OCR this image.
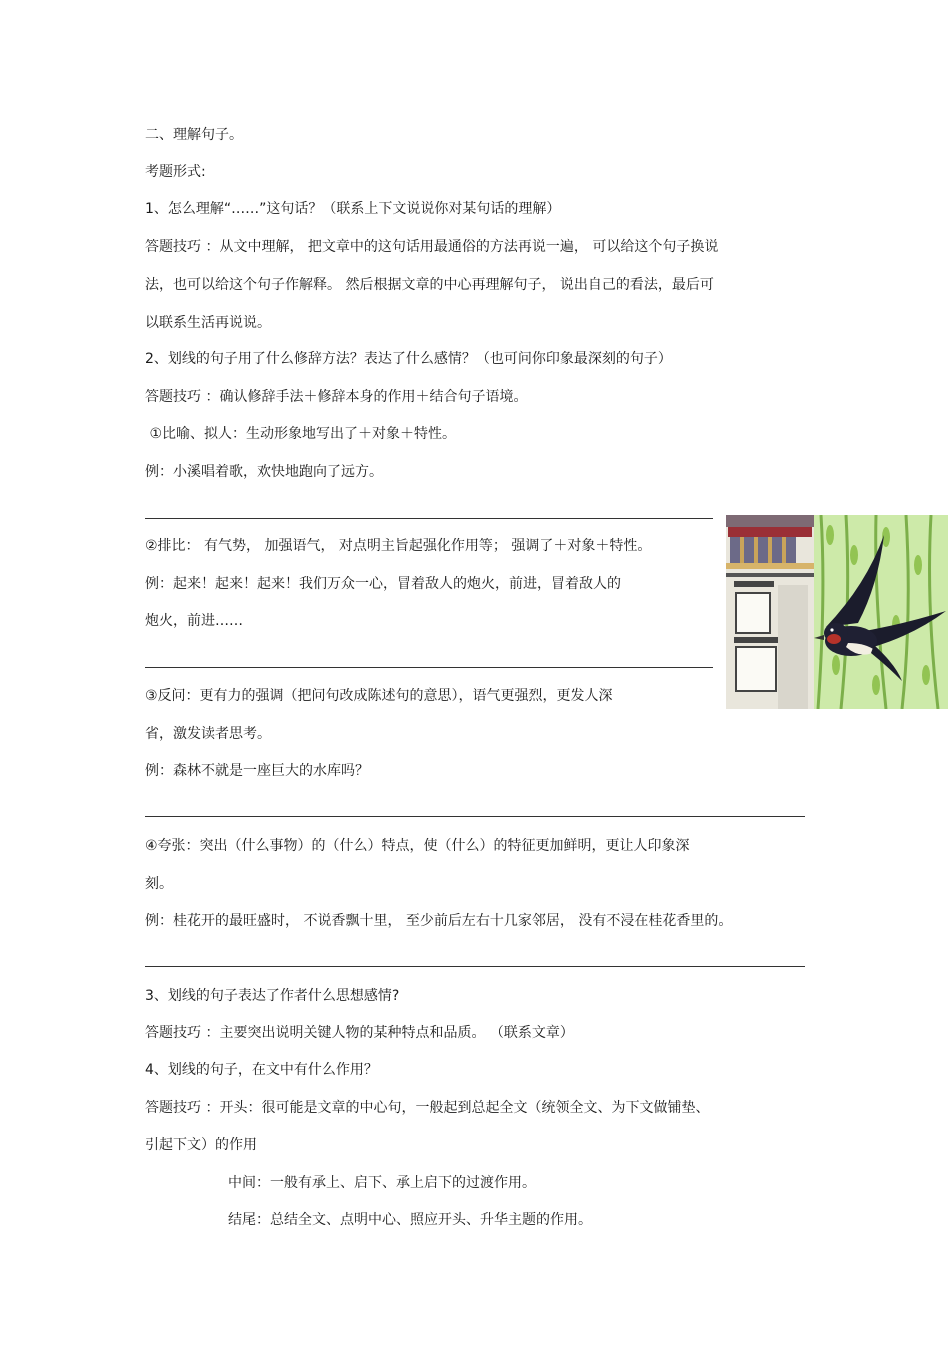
二、理解句子。
考题形式:
1、怎么理解“……”这句话？（联系上下文说说你对某句话的理解）
答题技巧 ：从文中理解， 把文章中的这句话用最通俗的方法再说一遍， 可以给这个句子换说
法，也可以给这个句子作解释。 然后根据文章的中心再理解句子， 说出自己的看法，最后可
以联系生活再说说。
2、划线的句子用了什么修辞方法？表达了什么感情？（也可问你印象最深刻的句子）
答题技巧 ：确认修辞手法＋修辞本身的作用＋结合句子语境。
①比喻、拟人：生动形象地写出了＋对象＋特性。
例：小溪唱着歌，欢快地跑向了远方。
②排比： 有气势， 加强语气， 对点明主旨起强化作用等； 强调了＋对象＋特性。
例：起来！起来！起来！我们万众一心，冒着敌人的炮火，前进，冒着敌人的
炮火，前进……
③反问：更有力的强调（把问句改成陈述句的意思），语气更强烈，更发人深
省，激发读者思考。
例：森林不就是一座巨大的水库吗？
④夸张：突出（什么事物）的（什么）特点，使（什么）的特征更加鲜明，更让人印象深
刻。
例：桂花开的最旺盛时， 不说香飘十里， 至少前后左右十几家邻居， 没有不浸在桂花香里的。
3、划线的句子表达了作者什么思想感情?
答题技巧 ：主要突出说明关键人物的某种特点和品质。 （联系文章）
4、划线的句子，在文中有什么作用？
答题技巧 ：开头：很可能是文章的中心句，一般起到总起全文（统领全文、为下文做铺垫、
引起下文）的作用
中间：一般有承上、启下、承上启下的过渡作用。
结尾：总结全文、点明中心、照应开头、升华主题的作用。
